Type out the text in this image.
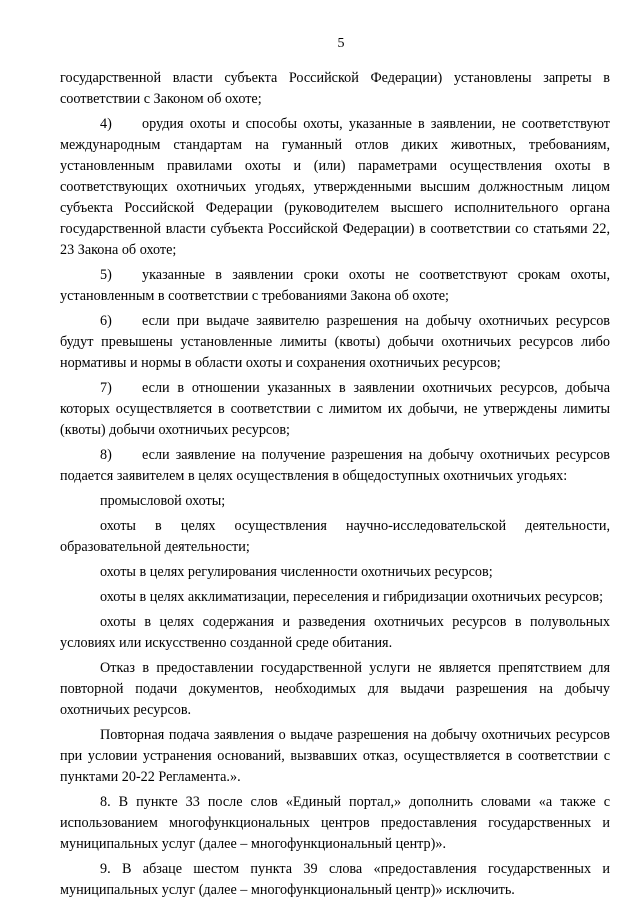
5

государственной власти субъекта Российской Федерации) установлены запреты в соответствии с Законом об охоте;

4) орудия охоты и способы охоты, указанные в заявлении, не соответствуют международным стандартам на гуманный отлов диких животных, требованиям, установленным правилами охоты и (или) параметрами осуществления охоты в соответствующих охотничьих угодьях, утвержденными высшим должностным лицом субъекта Российской Федерации (руководителем высшего исполнительного органа государственной власти субъекта Российской Федерации) в соответствии со статьями 22, 23 Закона об охоте;

5) указанные в заявлении сроки охоты не соответствуют срокам охоты, установленным в соответствии с требованиями Закона об охоте;

6) если при выдаче заявителю разрешения на добычу охотничьих ресурсов будут превышены установленные лимиты (квоты) добычи охотничьих ресурсов либо нормативы и нормы в области охоты и сохранения охотничьих ресурсов;

7) если в отношении указанных в заявлении охотничьих ресурсов, добыча которых осуществляется в соответствии с лимитом их добычи, не утверждены лимиты (квоты) добычи охотничьих ресурсов;

8) если заявление на получение разрешения на добычу охотничьих ресурсов подается заявителем в целях осуществления в общедоступных охотничьих угодьях:

промысловой охоты;

охоты в целях осуществления научно-исследовательской деятельности, образовательной деятельности;

охоты в целях регулирования численности охотничьих ресурсов;

охоты в целях акклиматизации, переселения и гибридизации охотничьих ресурсов;

охоты в целях содержания и разведения охотничьих ресурсов в полувольных условиях или искусственно созданной среде обитания.

Отказ в предоставлении государственной услуги не является препятствием для повторной подачи документов, необходимых для выдачи разрешения на добычу охотничьих ресурсов.

Повторная подача заявления о выдаче разрешения на добычу охотничьих ресурсов при условии устранения оснований, вызвавших отказ, осуществляется в соответствии с пунктами 20-22 Регламента.».

8. В пункте 33 после слов «Единый портал,» дополнить словами «а также с использованием многофункциональных центров предоставления государственных и муниципальных услуг (далее – многофункциональный центр)».

9. В абзаце шестом пункта 39 слова «предоставления государственных и муниципальных услуг (далее – многофункциональный центр)» исключить.
